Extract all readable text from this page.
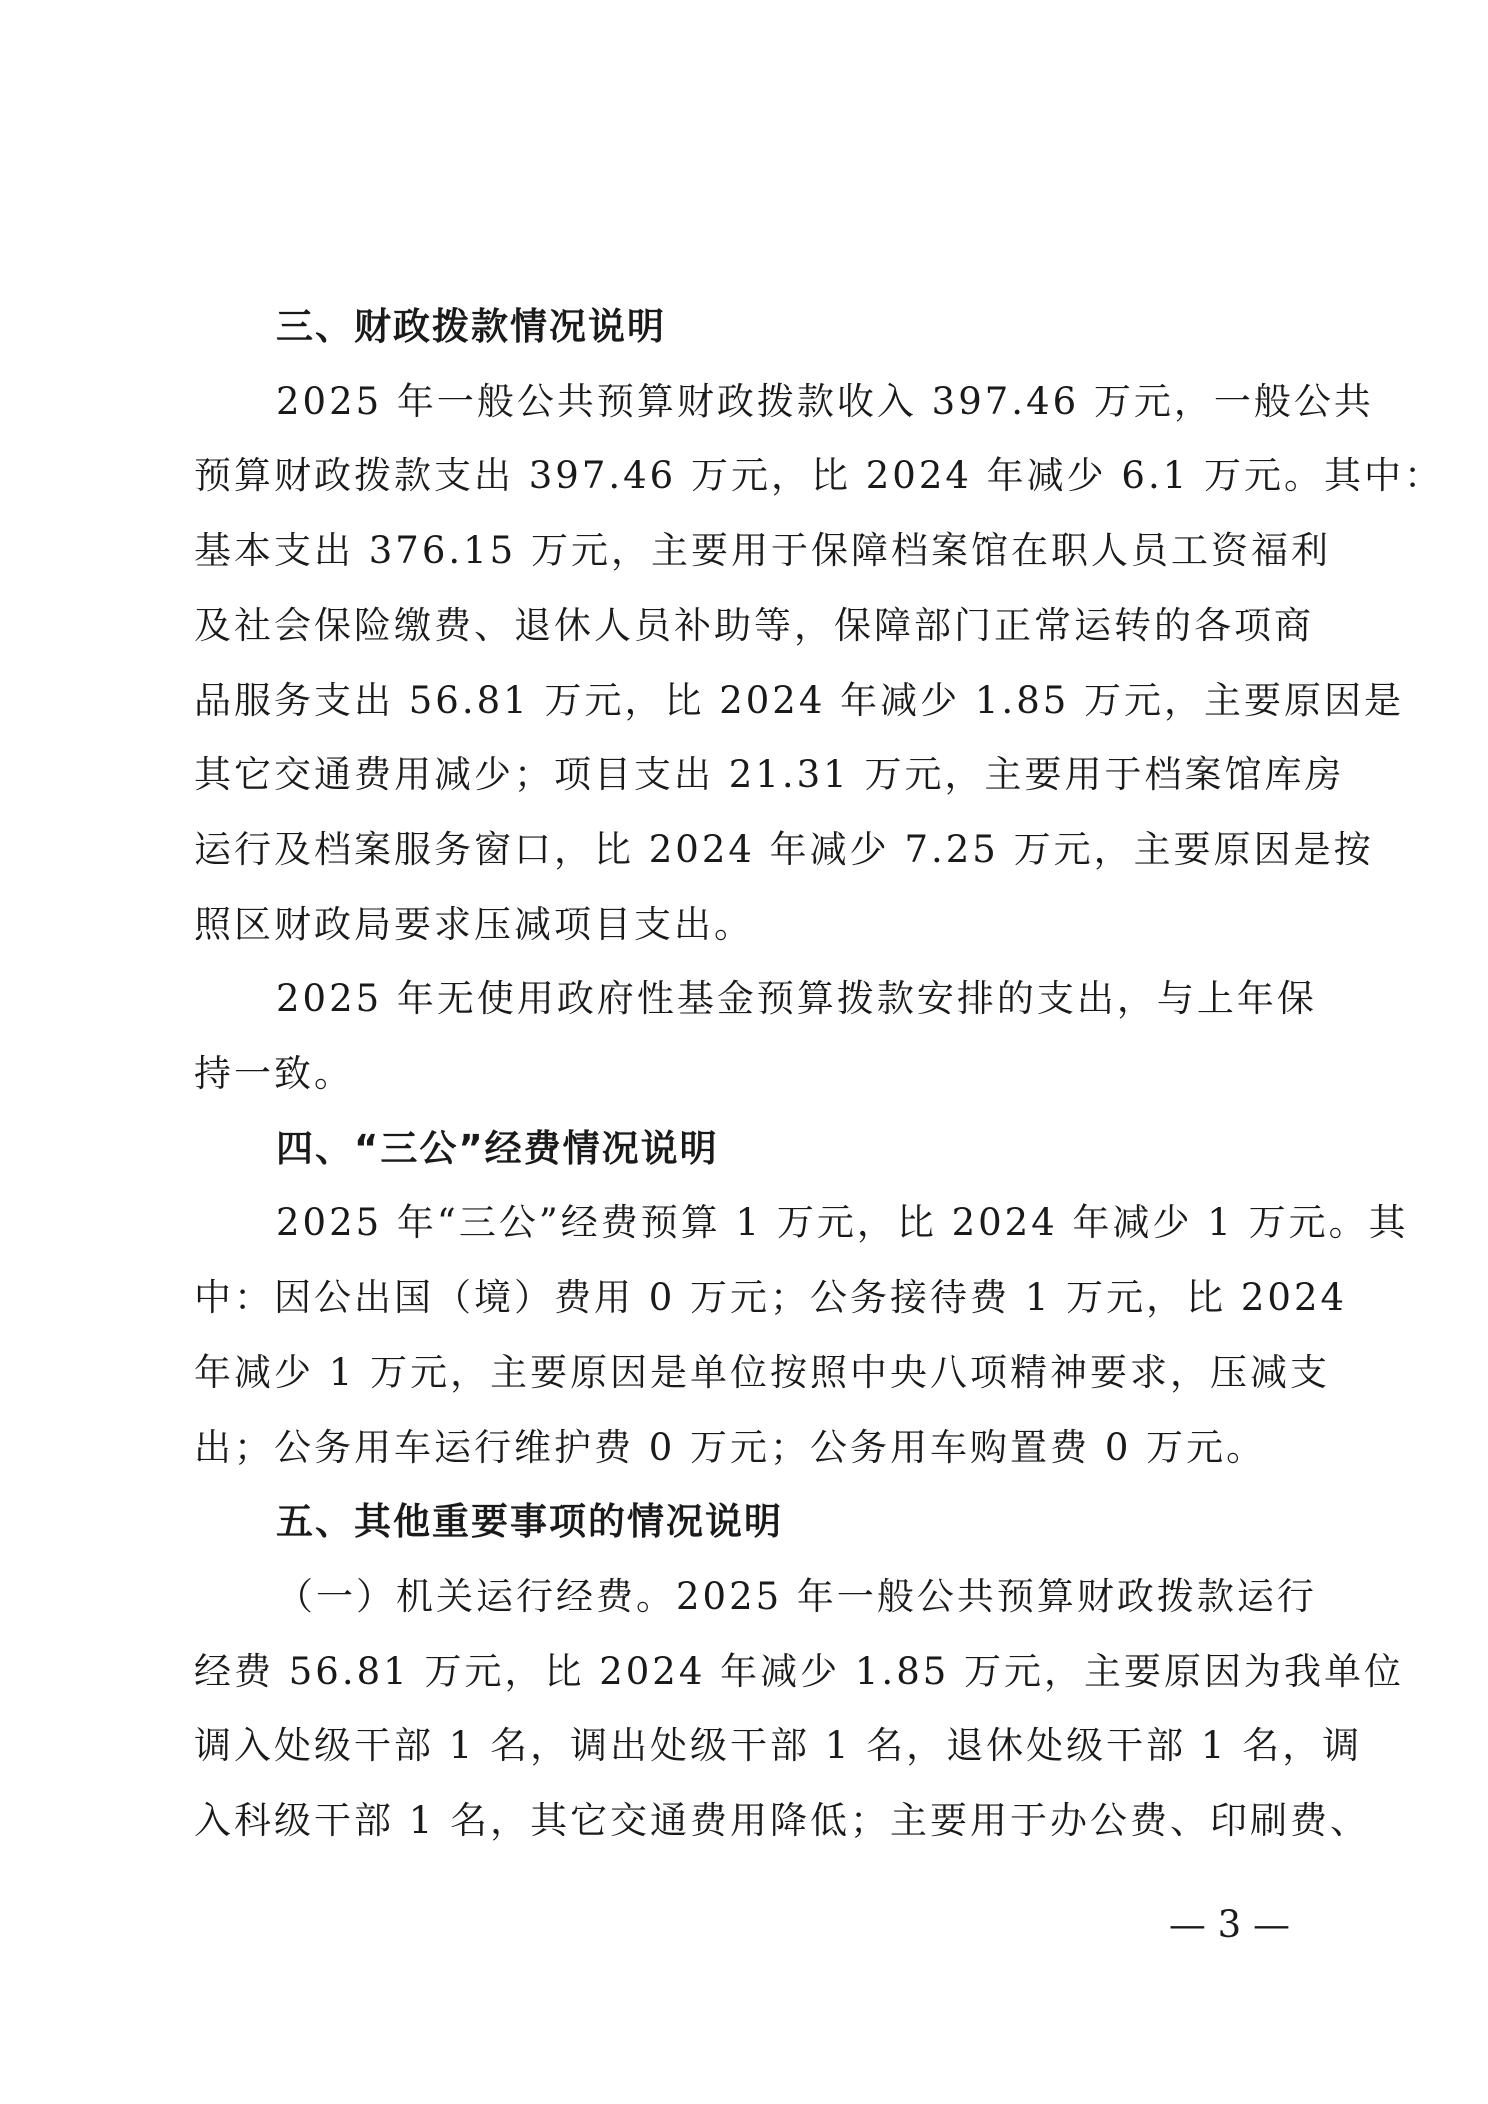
三、财政拨款情况说明
2025 年一般公共预算财政拨款收入 397.46 万元，一般公共
预算财政拨款支出 397.46 万元，比 2024 年减少 6.1 万元。其中：
基本支出 376.15 万元，主要用于保障档案馆在职人员工资福利
及社会保险缴费、退休人员补助等，保障部门正常运转的各项商
品服务支出 56.81 万元，比 2024 年减少 1.85 万元，主要原因是
其它交通费用减少；项目支出 21.31 万元，主要用于档案馆库房
运行及档案服务窗口，比 2024 年减少 7.25 万元，主要原因是按
照区财政局要求压减项目支出。
2025 年无使用政府性基金预算拨款安排的支出，与上年保
持一致。
四、“三公”经费情况说明
2025 年“三公”经费预算 1 万元，比 2024 年减少 1 万元。其
中：因公出国（境）费用 0 万元；公务接待费 1 万元，比 2024
年减少 1 万元，主要原因是单位按照中央八项精神要求，压减支
出；公务用车运行维护费 0 万元；公务用车购置费 0 万元。
五、其他重要事项的情况说明
（一）机关运行经费。2025 年一般公共预算财政拨款运行
经费 56.81 万元，比 2024 年减少 1.85 万元，主要原因为我单位
调入处级干部 1 名，调出处级干部 1 名，退休处级干部 1 名，调
入科级干部 1 名，其它交通费用降低；主要用于办公费、印刷费、
— 3 —
